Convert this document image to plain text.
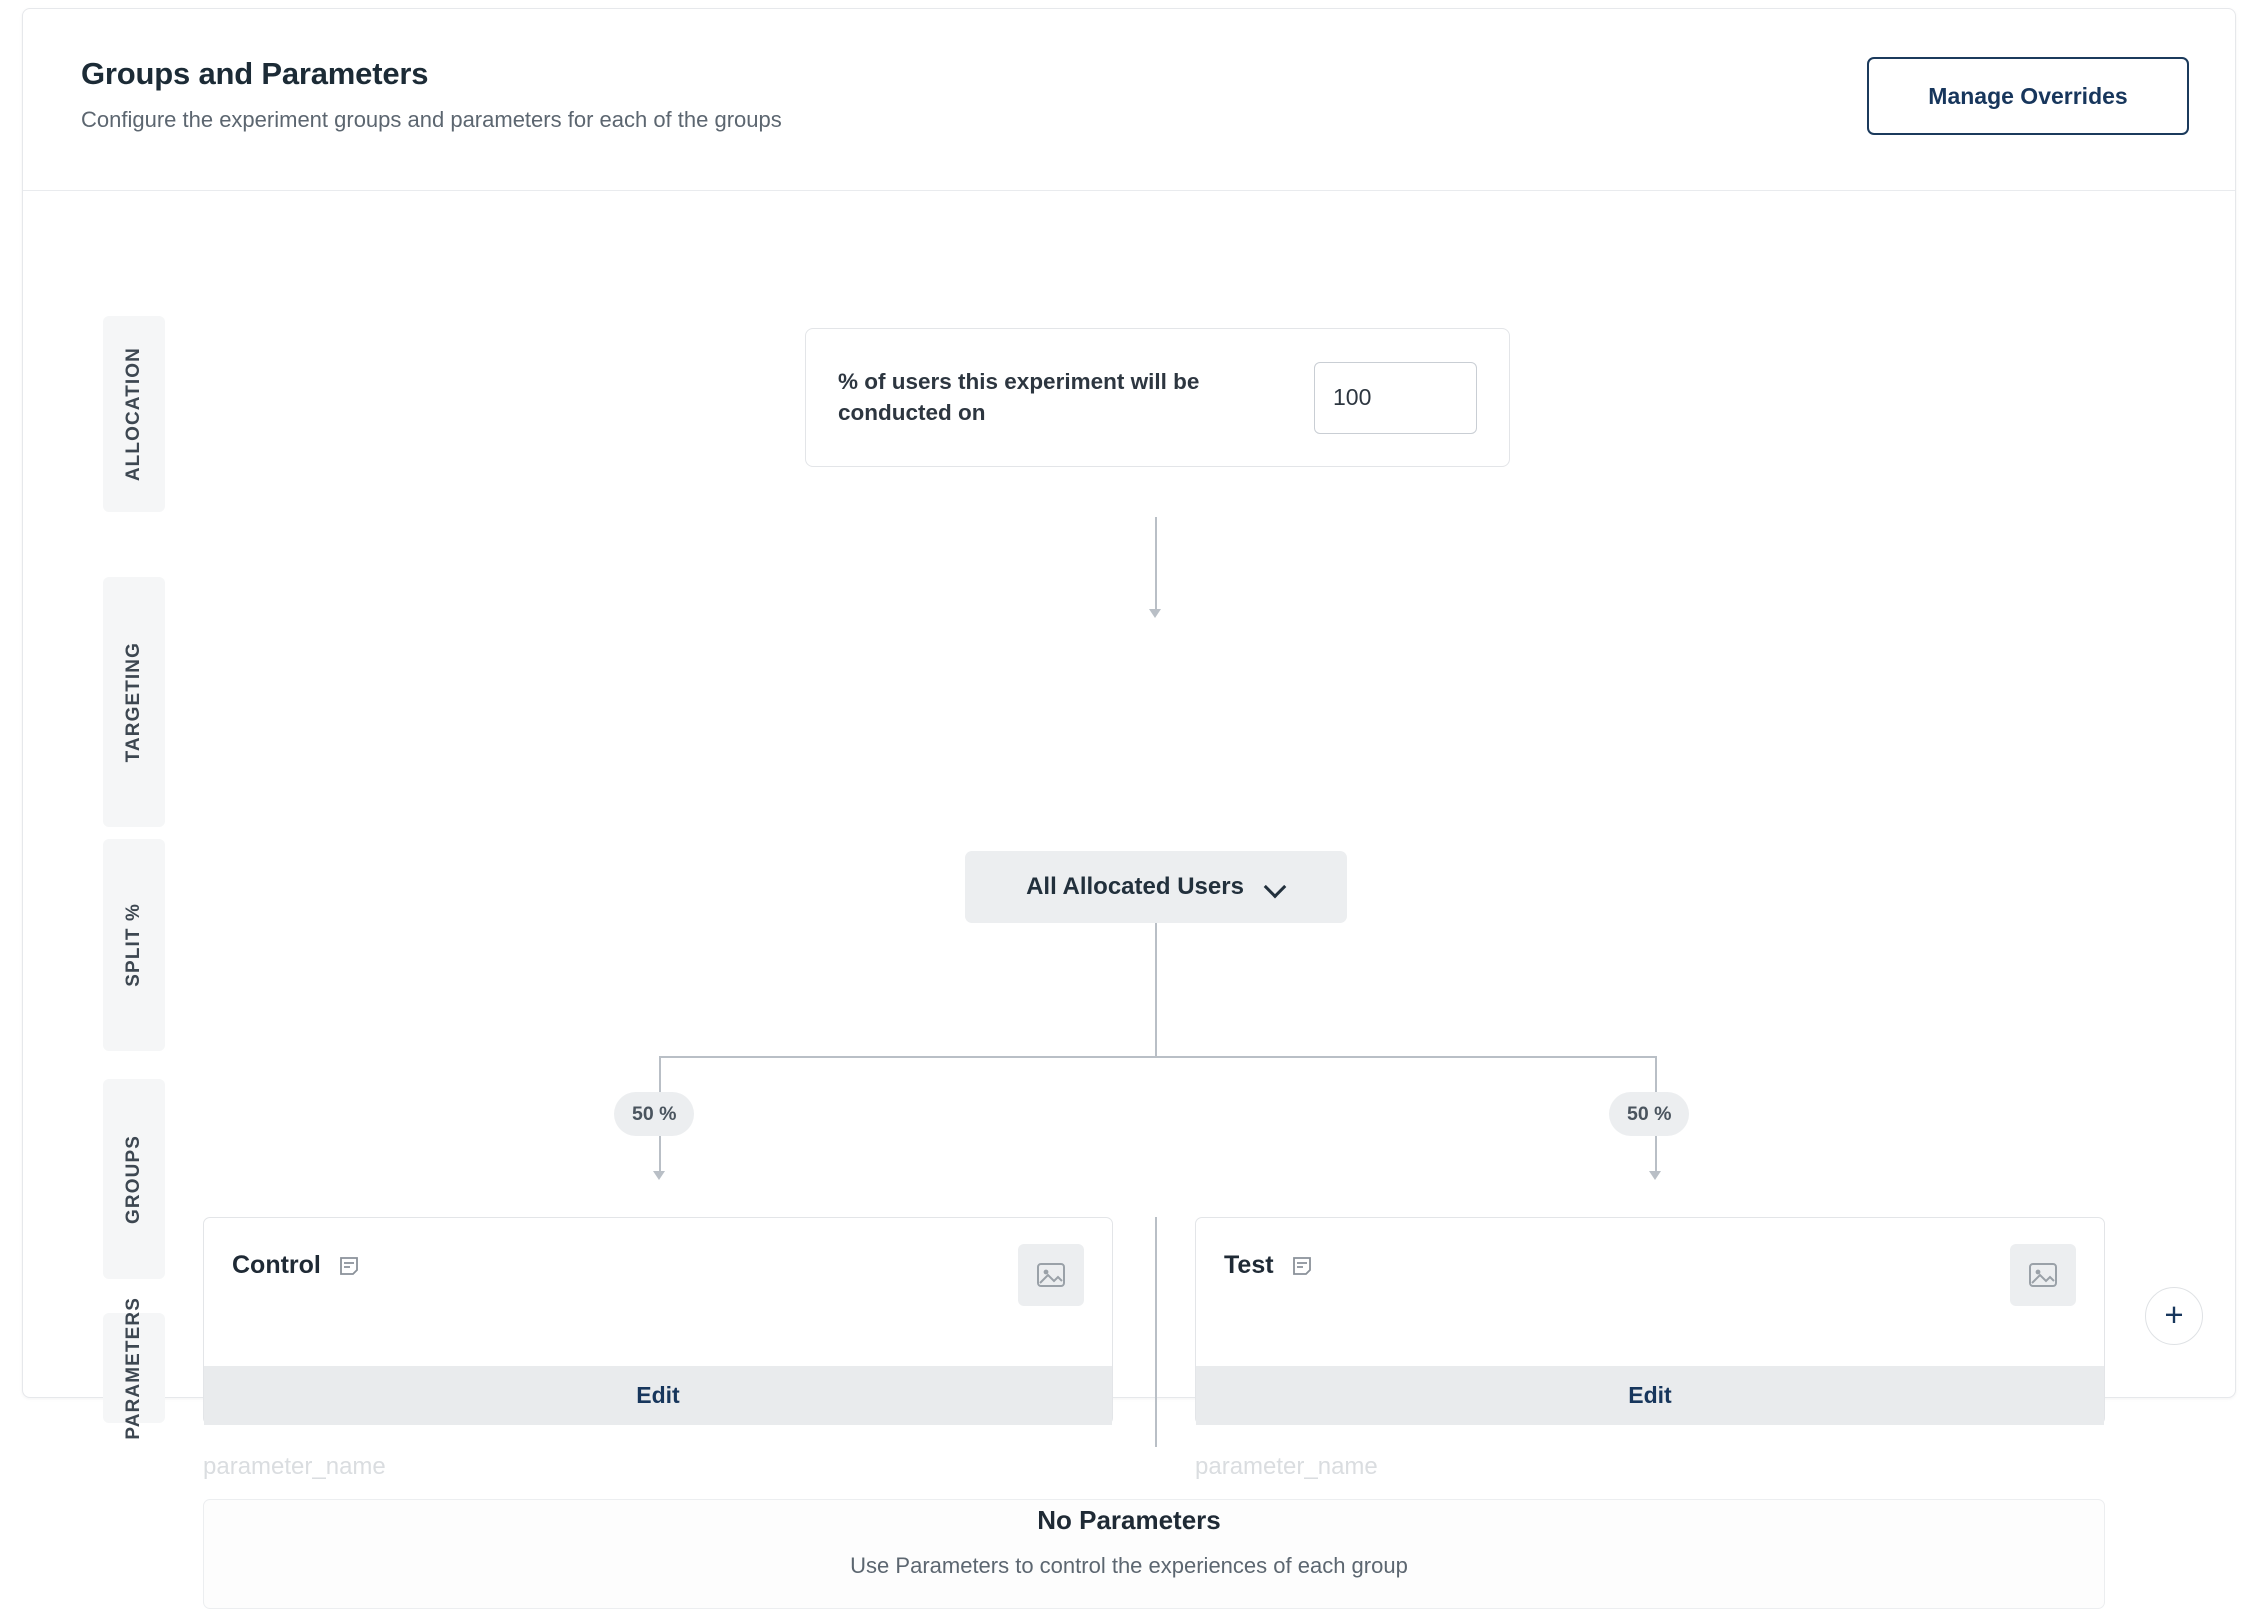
Groups and Parameters

Configure the experiment groups and parameters for each of the groups

Manage Overrides
ALLOCATION
TARGETING
SPLIT %
GROUPS
PARAMETERS
% of users this experiment will be conducted on
100
All Allocated Users
50 %	50 %
Control
Edit
Test
Edit
+
parameter_name	parameter_name
No Parameters
Use Parameters to control the experiences of each group
